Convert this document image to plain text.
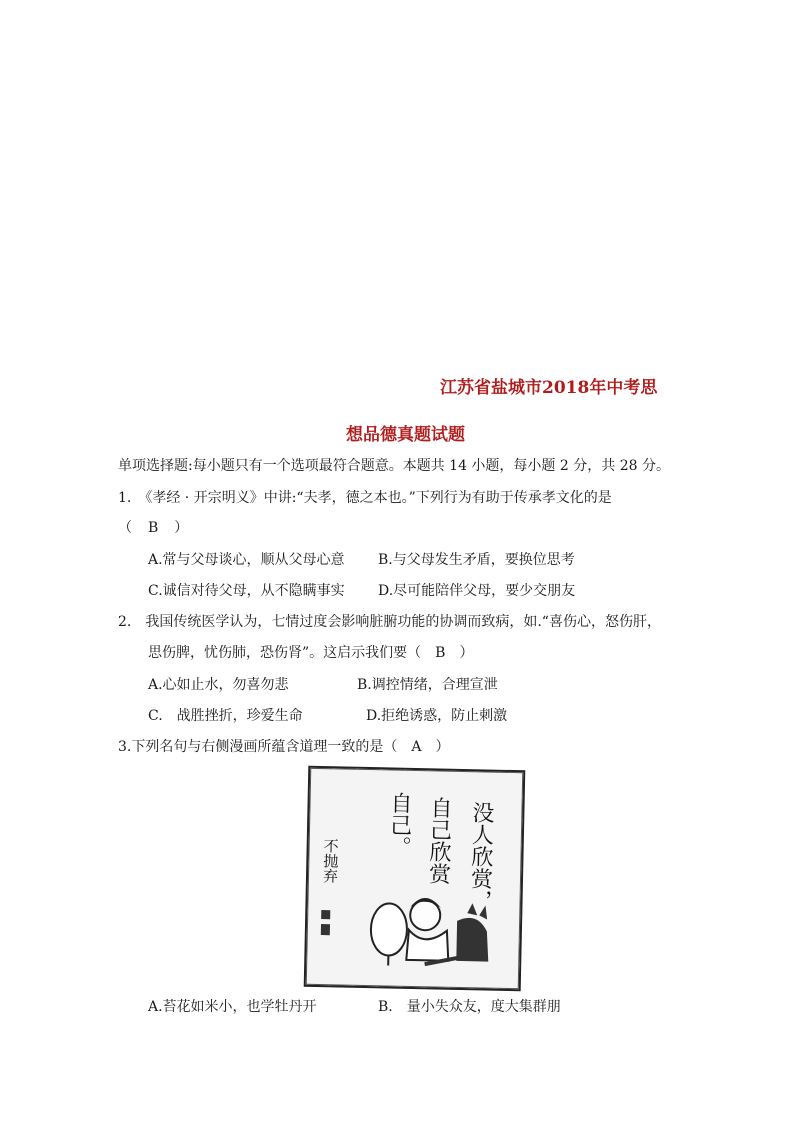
江苏省盐城市2018年中考思
想品德真题试题
单项选择题:每小题只有一个选项最符合题意。本题共 14 小题，每小题 2 分，共 28 分。
1.　《孝经 · 开宗明义》中讲:“夫孝，德之本也。”下列行为有助于传承孝文化的是
（　B　）
A.常与父母谈心，顺从父母心意 B.与父母发生矛盾，要换位思考
C.诚信对待父母，从不隐瞒事实 D.尽可能陪伴父母，要少交朋友
2.　我国传统医学认为，七情过度会影响脏腑功能的协调而致病，如.“喜伤心，怒伤肝，
思伤脾，忧伤肺，恐伤肾”。这启示我们要（　B　）
A.心如止水，勿喜勿悲	B.调控情绪，合理宣泄
C.　战胜挫折，珍爱生命	D.拒绝诱惑，防止刺激
3.下列名句与右侧漫画所蕴含道理一致的是（　A　）
没人欣赏，
自己欣赏
自己。
不抛弃
A.苔花如米小，也学牡丹开	B.　量小失众友，度大集群朋
